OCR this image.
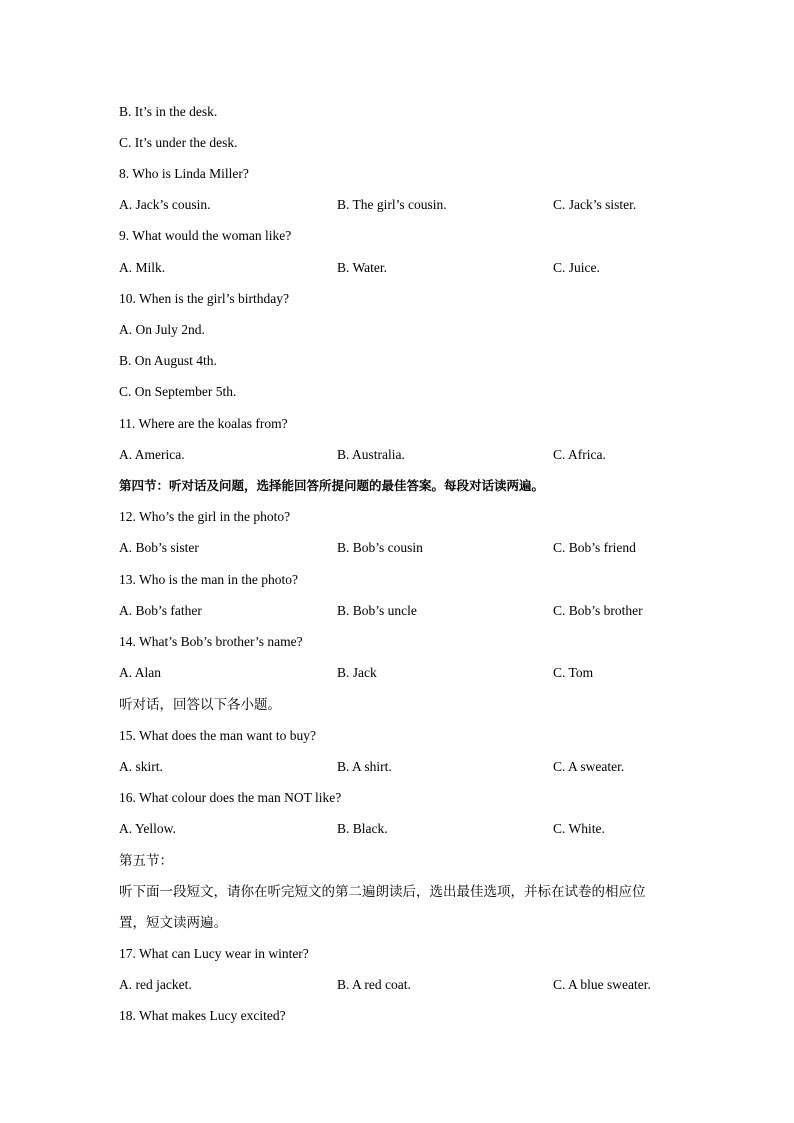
B. It’s in the desk.
C. It’s under the desk.
8. Who is Linda Miller?
A. Jack’s cousin.	B. The girl’s cousin.	C. Jack’s sister.
9. What would the woman like?
A. Milk.	B. Water.	C. Juice.
10. When is the girl’s birthday?
A. On July 2nd.
B. On August 4th.
C. On September 5th.
11. Where are the koalas from?
A. America.	B. Australia.	C. Africa.
第四节：听对话及问题，选择能回答所提问题的最佳答案。每段对话读两遍。
12. Who’s the girl in the photo?
A. Bob’s sister	B. Bob’s cousin	C. Bob’s friend
13. Who is the man in the photo?
A. Bob’s father	B. Bob’s uncle	C. Bob’s brother
14. What’s Bob’s brother’s name?
A. Alan	B. Jack	C. Tom
听对话，回答以下各小题。
15. What does the man want to buy?
A. skirt.	B. A shirt.	C. A sweater.
16. What colour does the man NOT like?
A. Yellow.	B. Black.	C. White.
第五节：
听下面一段短文，请你在听完短文的第二遍朗读后，选出最佳选项，并标在试卷的相应位
置，短文读两遍。
17. What can Lucy wear in winter?
A. red jacket.	B. A red coat.	C. A blue sweater.
18. What makes Lucy excited?
